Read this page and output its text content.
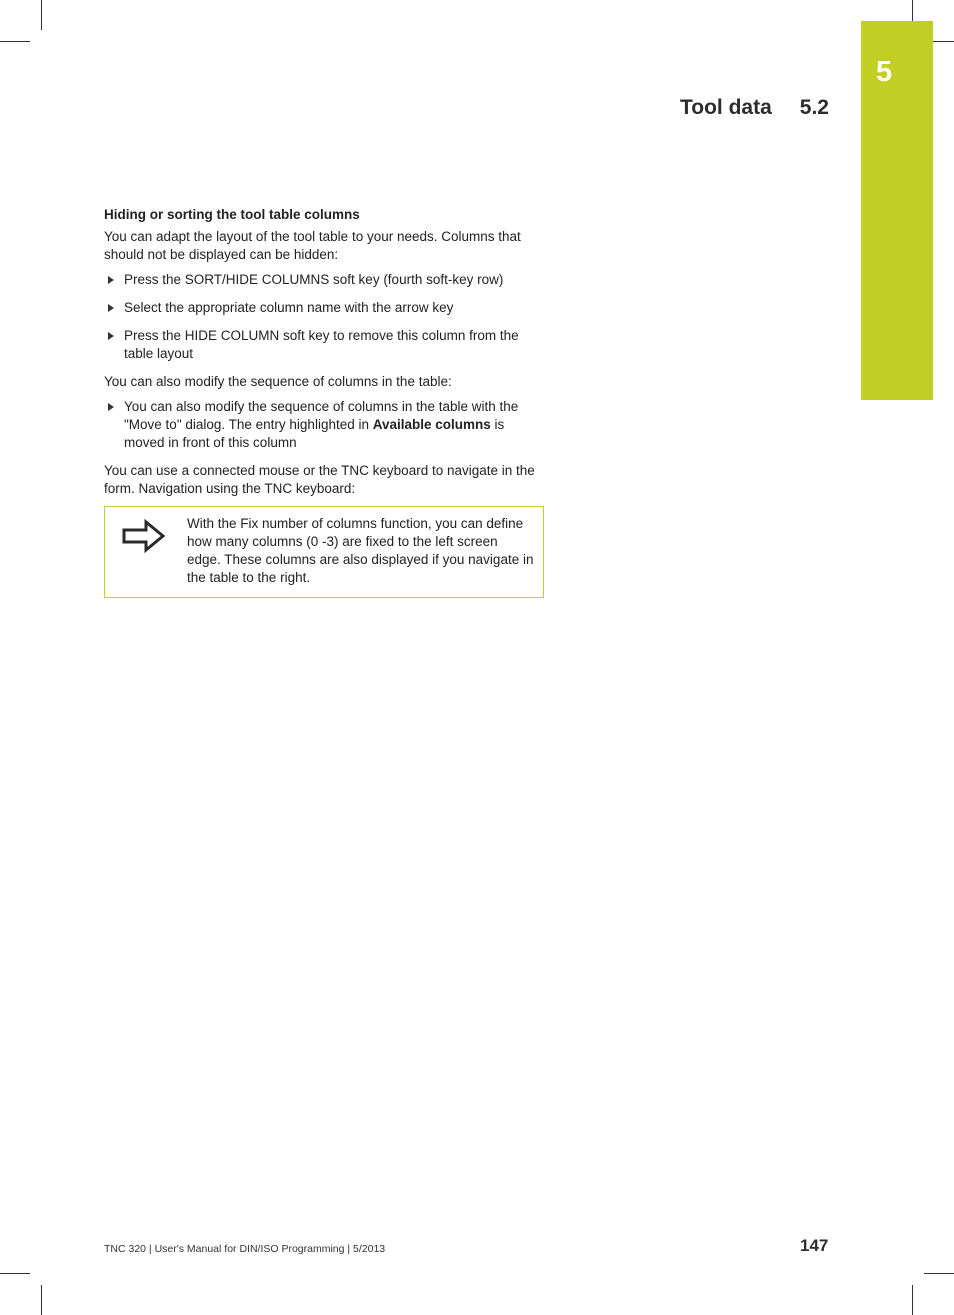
5
Tool data 5.2
Hiding or sorting the tool table columns

You can adapt the layout of the tool table to your needs. Columns that should not be displayed can be hidden:

Press the SORT/HIDE COLUMNS soft key (fourth soft-key row)
Select the appropriate column name with the arrow key
Press the HIDE COLUMN soft key to remove this column from the table layout

You can also modify the sequence of columns in the table:

You can also modify the sequence of columns in the table with the "Move to" dialog. The entry highlighted in Available columns is moved in front of this column

You can use a connected mouse or the TNC keyboard to navigate in the form. Navigation using the TNC keyboard:

With the Fix number of columns function, you can define how many columns (0 -3) are fixed to the left screen edge. These columns are also displayed if you navigate in the table to the right.
TNC 320 | User's Manual for DIN/ISO Programming | 5/2013	147
